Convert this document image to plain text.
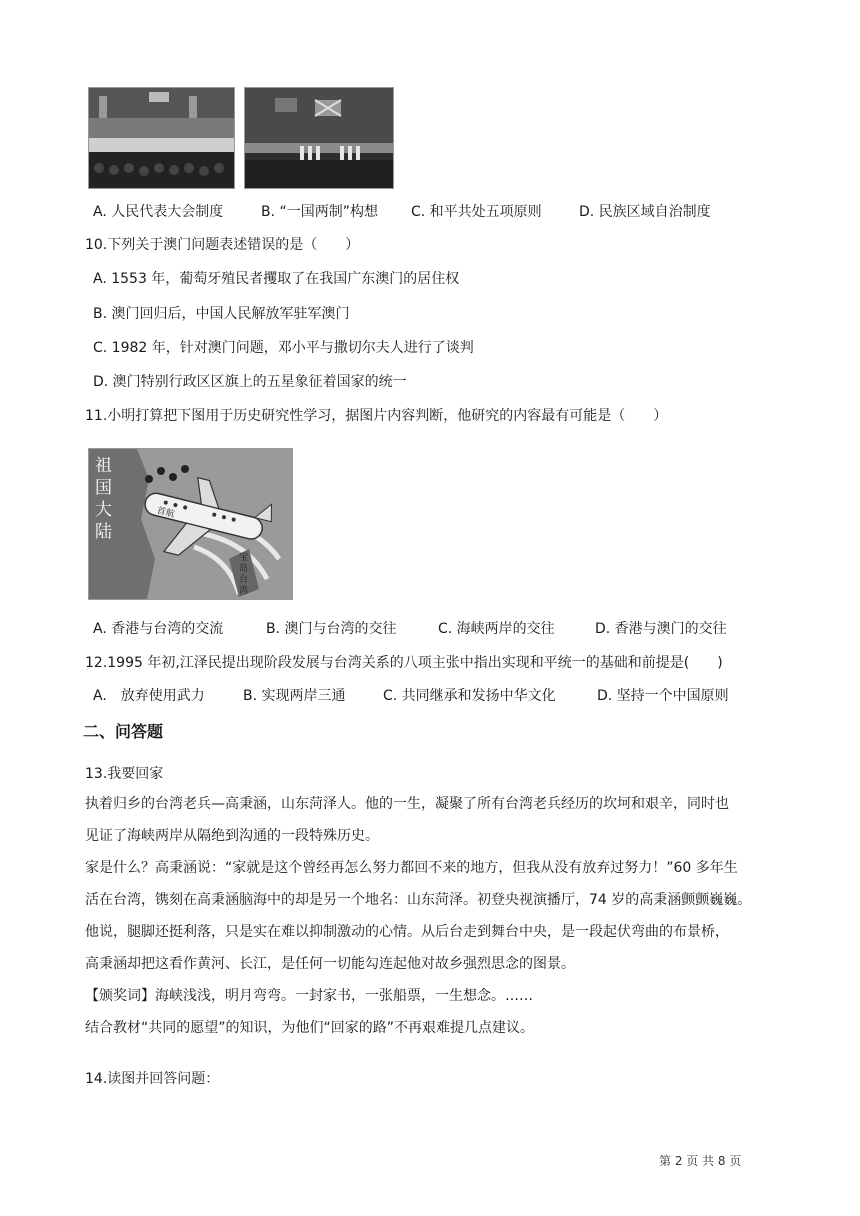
A. 人民代表大会制度	B. “一国两制”构想 C. 和平共处五项原则	D. 民族区域自治制度
10.下列关于澳门问题表述错误的是（　　）
A. 1553 年，葡萄牙殖民者攫取了在我国广东澳门的居住权
B. 澳门回归后，中国人民解放军驻军澳门
C. 1982 年，针对澳门问题，邓小平与撒切尔夫人进行了谈判
D. 澳门特别行政区区旗上的五星象征着国家的统一
11.小明打算把下图用于历史研究性学习，据图片内容判断，他研究的内容最有可能是（　　）
祖国大陆
首航
宝岛台湾
A. 香港与台湾的交流	B. 澳门与台湾的交往	C. 海峡两岸的交往	D. 香港与澳门的交往
12.1995 年初,江泽民提出现阶段发展与台湾关系的八项主张中指出实现和平统一的基础和前提是(　　)
A.　放弃使用武力	B. 实现两岸三通	C. 共同继承和发扬中华文化	D. 坚持一个中国原则
二、问答题
13.我要回家
执着归乡的台湾老兵—高秉涵，山东菏泽人。他的一生，凝聚了所有台湾老兵经历的坎坷和艰辛，同时也
见证了海峡两岸从隔绝到沟通的一段特殊历史。
家是什么？高秉涵说：“家就是这个曾经再怎么努力都回不来的地方，但我从没有放弃过努力！”60 多年生
活在台湾，镌刻在高秉涵脑海中的却是另一个地名：山东菏泽。初登央视演播厅，74 岁的高秉涵颤颤巍巍。
他说，腿脚还挺利落，只是实在难以抑制激动的心情。从后台走到舞台中央，是一段起伏弯曲的布景桥，
高秉涵却把这看作黄河、长江，是任何一切能勾连起他对故乡强烈思念的图景。
【颁奖词】海峡浅浅，明月弯弯。一封家书，一张船票，一生想念。……
结合教材“共同的愿望”的知识，为他们“回家的路”不再艰难提几点建议。
14.读图并回答问题：
第 2 页 共 8 页
